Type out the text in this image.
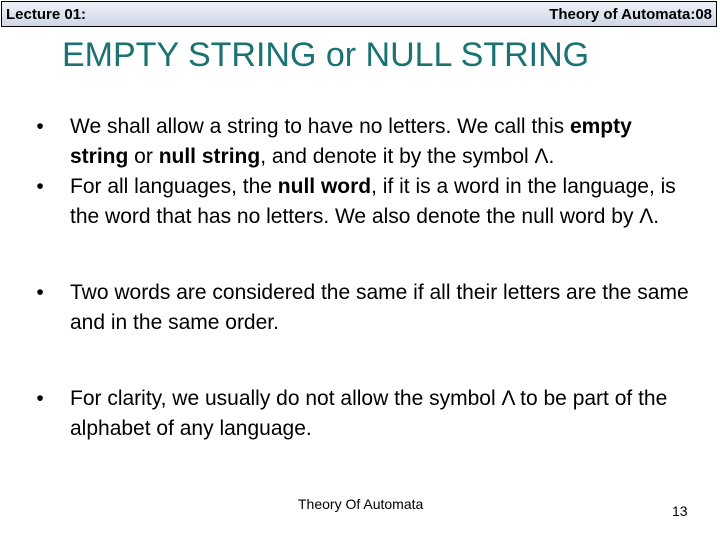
Lecture 01:	Theory of Automata:08
EMPTY STRING or NULL STRING
•	We shall allow a string to have no letters. We call this empty string or null string, and denote it by the symbol Λ.
•	For all languages, the null word, if it is a word in the language, is the word that has no letters. We also denote the null word by Λ.
•	Two words are considered the same if all their letters are the same and in the same order.
•	For clarity, we usually do not allow the symbol Λ to be part of the alphabet of any language.
Theory Of Automata	13
